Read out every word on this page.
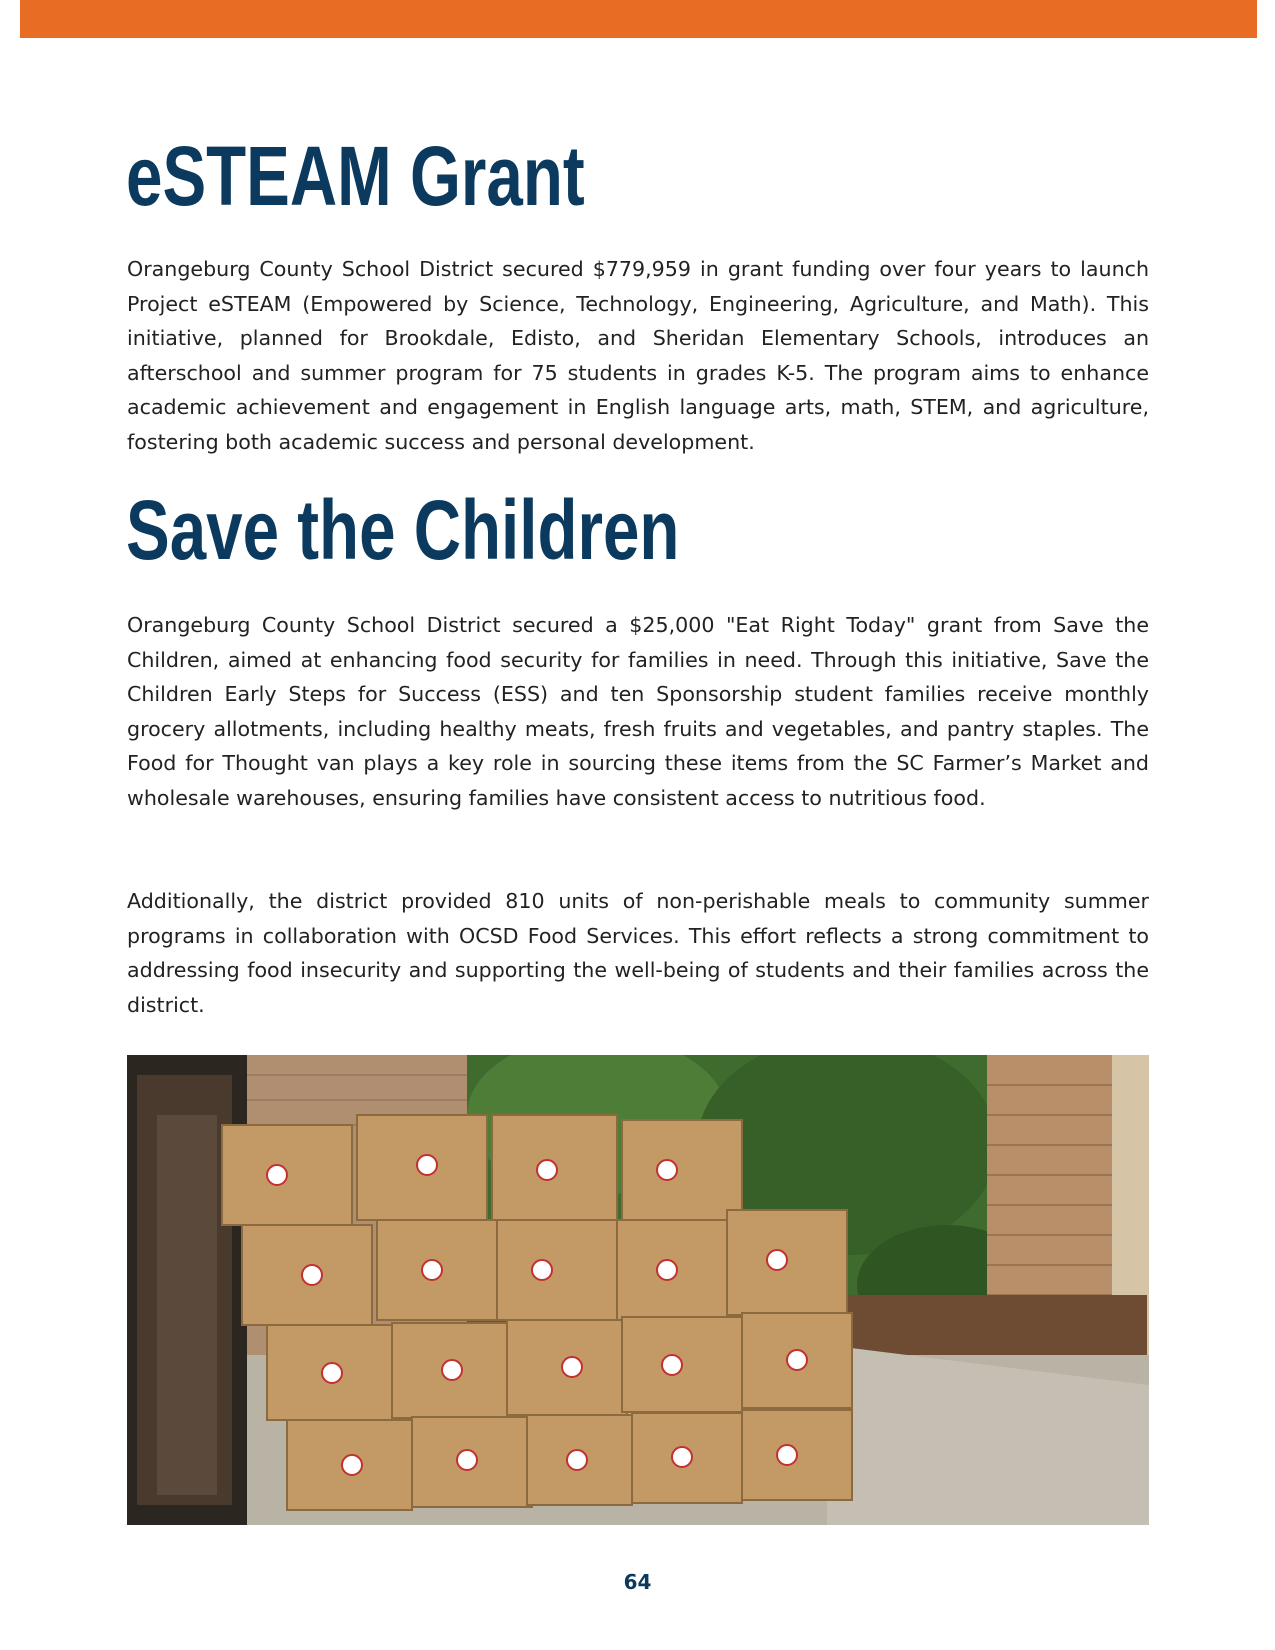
eSTEAM Grant

Orangeburg County School District secured $779,959 in grant funding over four years to launch Project eSTEAM (Empowered by Science, Technology, Engineering, Agriculture, and Math). This initiative, planned for Brookdale, Edisto, and Sheridan Elementary Schools, introduces an afterschool and summer program for 75 students in grades K-5. The program aims to enhance academic achievement and engagement in English language arts, math, STEM, and agriculture, fostering both academic success and personal development.

Save the Children

Orangeburg County School District secured a $25,000 "Eat Right Today" grant from Save the Children, aimed at enhancing food security for families in need. Through this initiative, Save the Children Early Steps for Success (ESS) and ten Sponsorship student families receive monthly grocery allotments, including healthy meats, fresh fruits and vegetables, and pantry staples. The Food for Thought van plays a key role in sourcing these items from the SC Farmer’s Market and wholesale warehouses, ensuring families have consistent access to nutritious food.

Additionally, the district provided 810 units of non-perishable meals to community summer programs in collaboration with OCSD Food Services. This effort reflects a strong commitment to addressing food insecurity and supporting the well-being of students and their families across the district.

64
